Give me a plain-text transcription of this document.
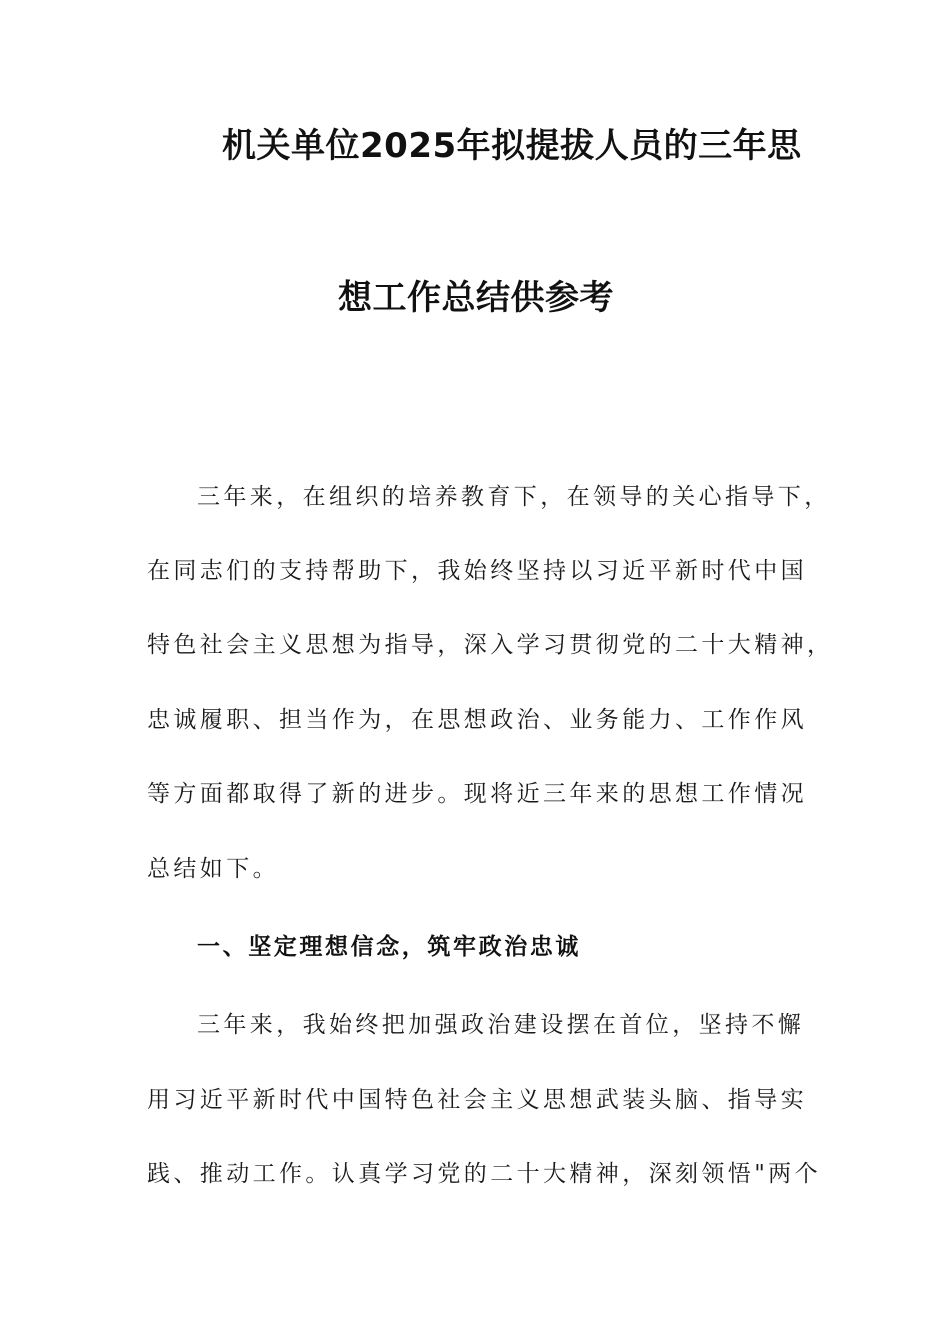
机关单位2025年拟提拔人员的三年思
想工作总结供参考
三年来，在组织的培养教育下，在领导的关心指导下，
在同志们的支持帮助下，我始终坚持以习近平新时代中国
特色社会主义思想为指导，深入学习贯彻党的二十大精神，
忠诚履职、担当作为，在思想政治、业务能力、工作作风
等方面都取得了新的进步。现将近三年来的思想工作情况
总结如下。
一、坚定理想信念，筑牢政治忠诚
三年来，我始终把加强政治建设摆在首位，坚持不懈
用习近平新时代中国特色社会主义思想武装头脑、指导实
践、推动工作。认真学习党的二十大精神，深刻领悟"两个
